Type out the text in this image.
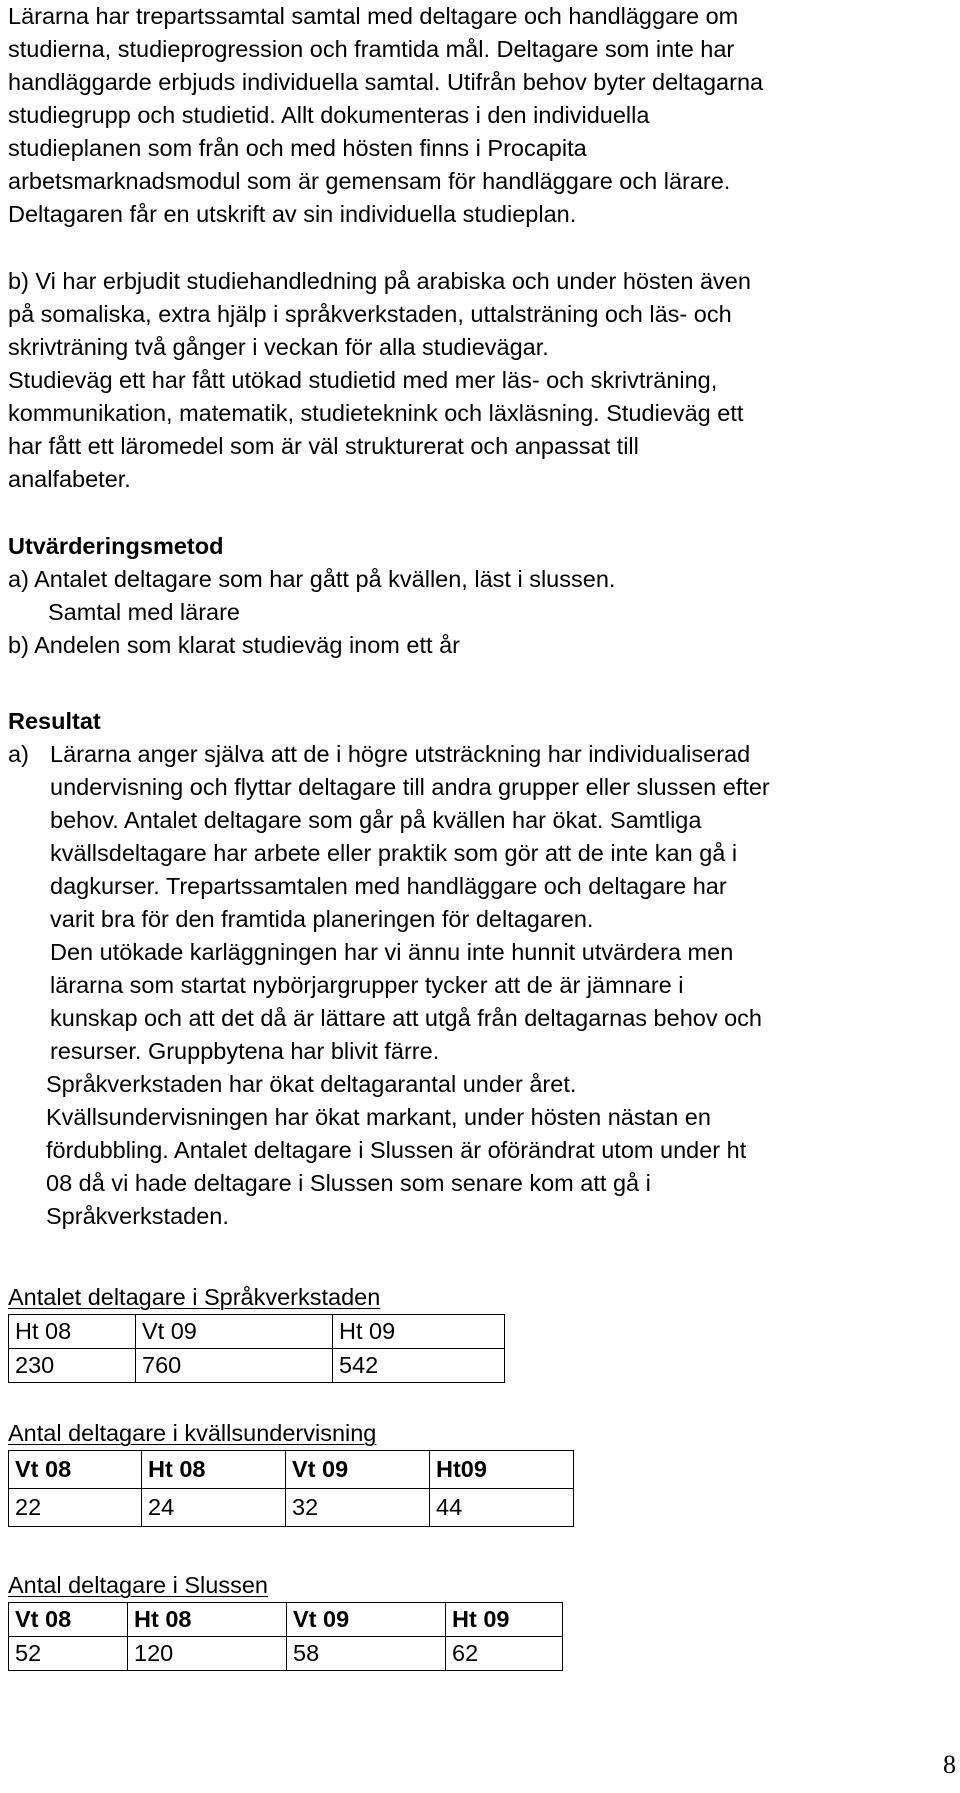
Lärarna har trepartssamtal samtal med deltagare och handläggare om
studierna, studieprogression och framtida mål. Deltagare som inte har
handläggarde erbjuds individuella samtal. Utifrån behov byter deltagarna
studiegrupp och studietid. Allt dokumenteras i den individuella
studieplanen som från och med hösten finns i Procapita
arbetsmarknadsmodul som är gemensam för handläggare och lärare.
Deltagaren får en utskrift av sin individuella studieplan.
b) Vi har erbjudit studiehandledning på arabiska och under hösten även
på somaliska, extra hjälp i språkverkstaden, uttalsträning och läs- och
skrivträning två gånger i veckan för alla studievägar.
Studieväg ett har fått utökad studietid med mer läs- och skrivträning,
kommunikation, matematik, studieteknink och läxläsning. Studieväg ett
har fått ett läromedel som är väl strukturerat och anpassat till
analfabeter.
Utvärderingsmetod
a) Antalet deltagare som har gått på kvällen, läst i slussen.
Samtal med lärare
b) Andelen som klarat studieväg inom ett år
Resultat
a) Lärarna anger själva att de i högre utsträckning har individualiserad
undervisning och flyttar deltagare till andra grupper eller slussen efter
behov. Antalet deltagare som går på kvällen har ökat. Samtliga
kvällsdeltagare har arbete eller praktik som gör att de inte kan gå i
dagkurser. Trepartssamtalen med handläggare och deltagare har
varit bra för den framtida planeringen för deltagaren.
Den utökade karläggningen har vi ännu inte hunnit utvärdera men
lärarna som startat nybörjargrupper tycker att de är jämnare i
kunskap och att det då är lättare att utgå från deltagarnas behov och
resurser. Gruppbytena har blivit färre.
Språkverkstaden har ökat deltagarantal under året.
Kvällsundervisningen har ökat markant, under hösten nästan en
fördubbling. Antalet deltagare i Slussen är oförändrat utom under ht
08 då vi hade deltagare i Slussen som senare kom att gå i
Språkverkstaden.
Antalet deltagare i Språkverkstaden
Ht 08	Vt 09	Ht 09
230	760	542
Antal deltagare i kvällsundervisning
Vt 08	Ht 08	Vt 09	Ht09
22	24	32	44
Antal deltagare i Slussen
Vt 08	Ht 08	Vt 09	Ht 09
52	120	58	62
8
